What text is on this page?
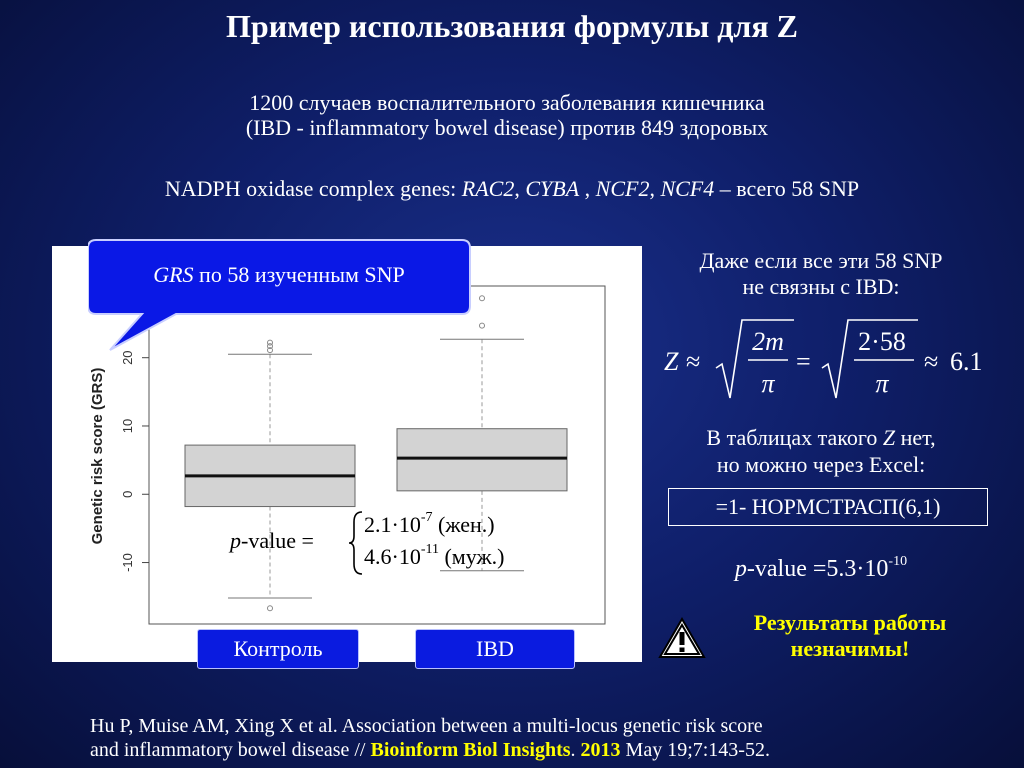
Пример использования формулы для Z
1200 случаев воспалительного заболевания кишечника
(IBD - inflammatory bowel disease) против 849 здоровых
NADPH oxidase complex genes: RAC2, CYBA , NCF2, NCF4 – всего 58 SNP
-10
0
10
20
Genetic risk score (GRS)
GRS по 58 изученным SNP
p-value =
$2.1\cdot 10^{-7}$ (жен.)
$4.6\cdot 10^{-11}$ (муж.)
Контроль	IBD
Даже если все эти 58 SNP
не связны с IBD:
Z ≈
2m
π
=
2·58
π
≈ 6.1
В таблицах такого Z нет,
но можно через Excel:
=1- НОРМСТРАСП(6,1)
p-value $=5.3\cdot 10^{-10}$
Результаты работы
незначимы!
Hu P, Muise AM, Xing X et al. Association between a multi-locus genetic risk score
and inflammatory bowel disease // Bioinform Biol Insights. 2013 May 19;7:143-52.
